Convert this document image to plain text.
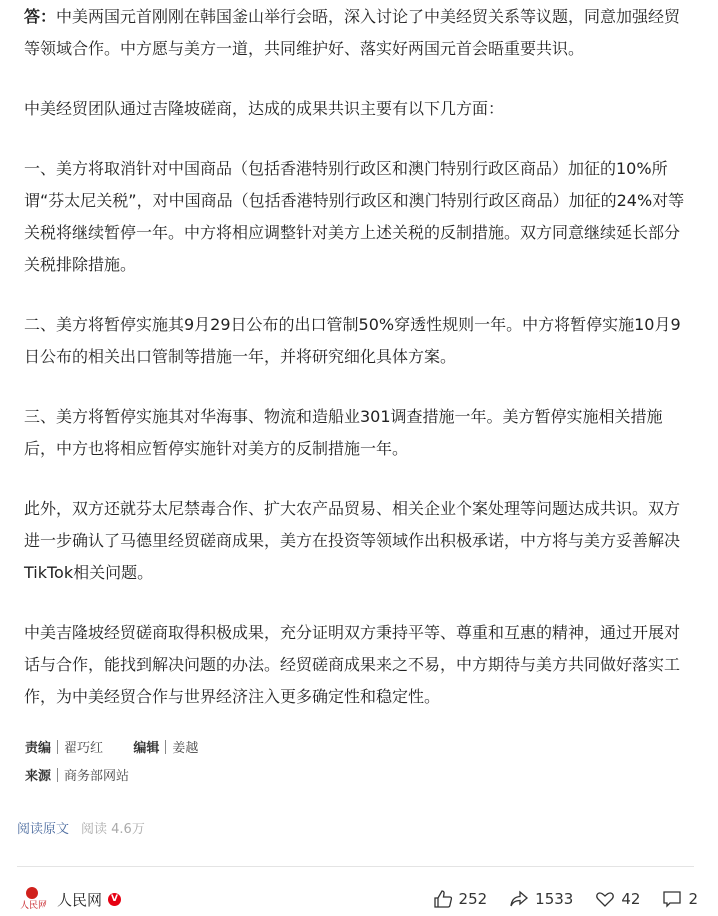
答：中美两国元首刚刚在韩国釜山举行会晤，深入讨论了中美经贸关系等议题，同意加强经贸等领域合作。中方愿与美方一道，共同维护好、落实好两国元首会晤重要共识。

中美经贸团队通过吉隆坡磋商，达成的成果共识主要有以下几方面：

一、美方将取消针对中国商品（包括香港特别行政区和澳门特别行政区商品）加征的10%所谓“芬太尼关税”，对中国商品（包括香港特别行政区和澳门特别行政区商品）加征的24%对等关税将继续暂停一年。中方将相应调整针对美方上述关税的反制措施。双方同意继续延长部分关税排除措施。

二、美方将暂停实施其9月29日公布的出口管制50%穿透性规则一年。中方将暂停实施10月9日公布的相关出口管制等措施一年，并将研究细化具体方案。

三、美方将暂停实施其对华海事、物流和造船业301调查措施一年。美方暂停实施相关措施后，中方也将相应暂停实施针对美方的反制措施一年。

此外，双方还就芬太尼禁毒合作、扩大农产品贸易、相关企业个案处理等问题达成共识。双方进一步确认了马德里经贸磋商成果，美方在投资等领域作出积极承诺，中方将与美方妥善解决TikTok相关问题。

中美吉隆坡经贸磋商取得积极成果，充分证明双方秉持平等、尊重和互惠的精神，通过开展对话与合作，能找到解决问题的办法。经贸磋商成果来之不易，中方期待与美方共同做好落实工作，为中美经贸合作与世界经济注入更多确定性和稳定性。

责编 翟巧红 编辑 姜越
来源 商务部网站
阅读原文 阅读 4.6万
人民网 人民网	V	252	1533	42	2
